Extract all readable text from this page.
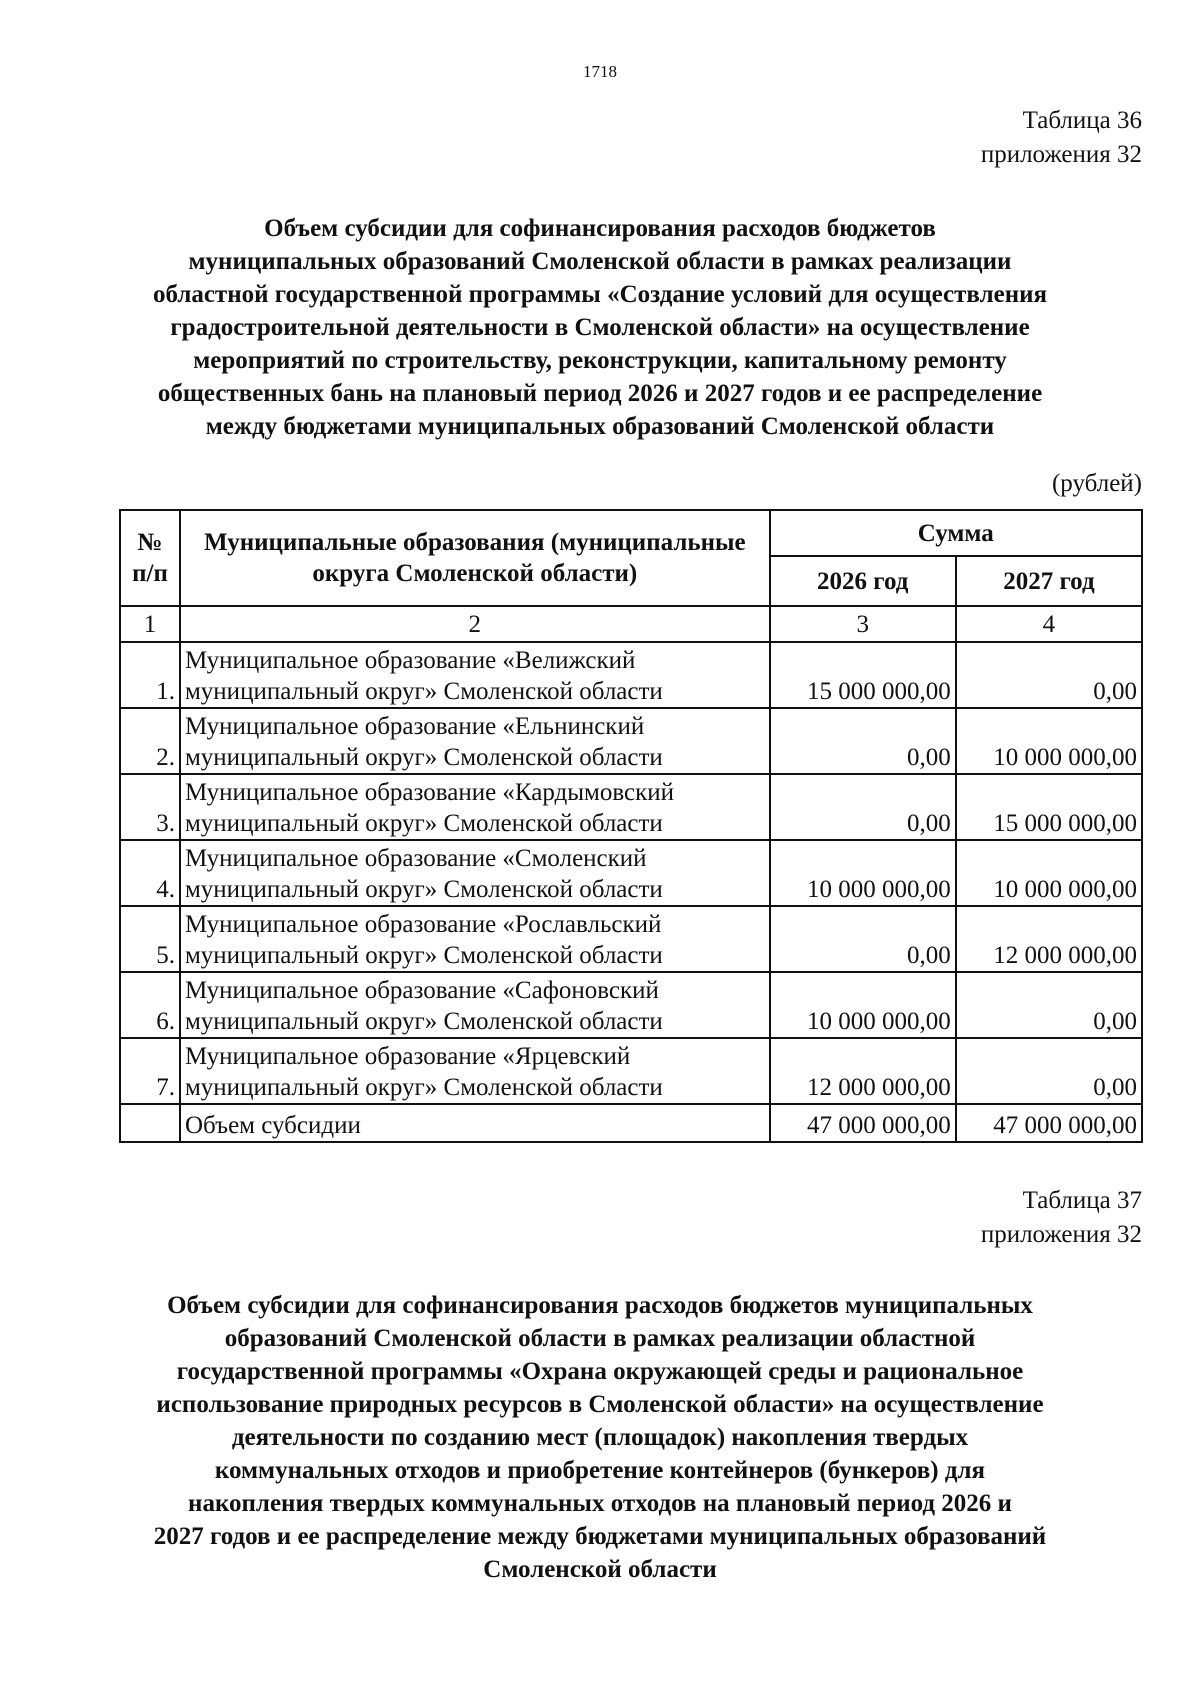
1718
Таблица 36
приложения 32
Объем субсидии для софинансирования расходов бюджетов
муниципальных образований Смоленской области в рамках реализации
областной государственной программы «Создание условий для осуществления
градостроительной деятельности в Смоленской области» на осуществление
мероприятий по строительству, реконструкции, капитальному ремонту
общественных бань на плановый период 2026 и 2027 годов и ее распределение
между бюджетами муниципальных образований Смоленской области
(рублей)
№ п/п	Муниципальные образования (муниципальные округа Смоленской области)	Сумма	
		2026 год	2027 год
1	2	3	4
1.	Муниципальное образование «Велижский муниципальный округ» Смоленской области	15 000 000,00	0,00
2.	Муниципальное образование «Ельнинский муниципальный округ» Смоленской области	0,00	10 000 000,00
3.	Муниципальное образование «Кардымовский муниципальный округ» Смоленской области	0,00	15 000 000,00
4.	Муниципальное образование «Смоленский муниципальный округ» Смоленской области	10 000 000,00	10 000 000,00
5.	Муниципальное образование «Рославльский муниципальный округ» Смоленской области	0,00	12 000 000,00
6.	Муниципальное образование «Сафоновский муниципальный округ» Смоленской области	10 000 000,00	0,00
7.	Муниципальное образование «Ярцевский муниципальный округ» Смоленской области	12 000 000,00	0,00
	Объем субсидии	47 000 000,00	47 000 000,00
Таблица 37
приложения 32
Объем субсидии для софинансирования расходов бюджетов муниципальных
образований Смоленской области в рамках реализации областной
государственной программы «Охрана окружающей среды и рациональное
использование природных ресурсов в Смоленской области» на осуществление
деятельности по созданию мест (площадок) накопления твердых
коммунальных отходов и приобретение контейнеров (бункеров) для
накопления твердых коммунальных отходов на плановый период 2026 и
2027 годов и ее распределение между бюджетами муниципальных образований
Смоленской области
